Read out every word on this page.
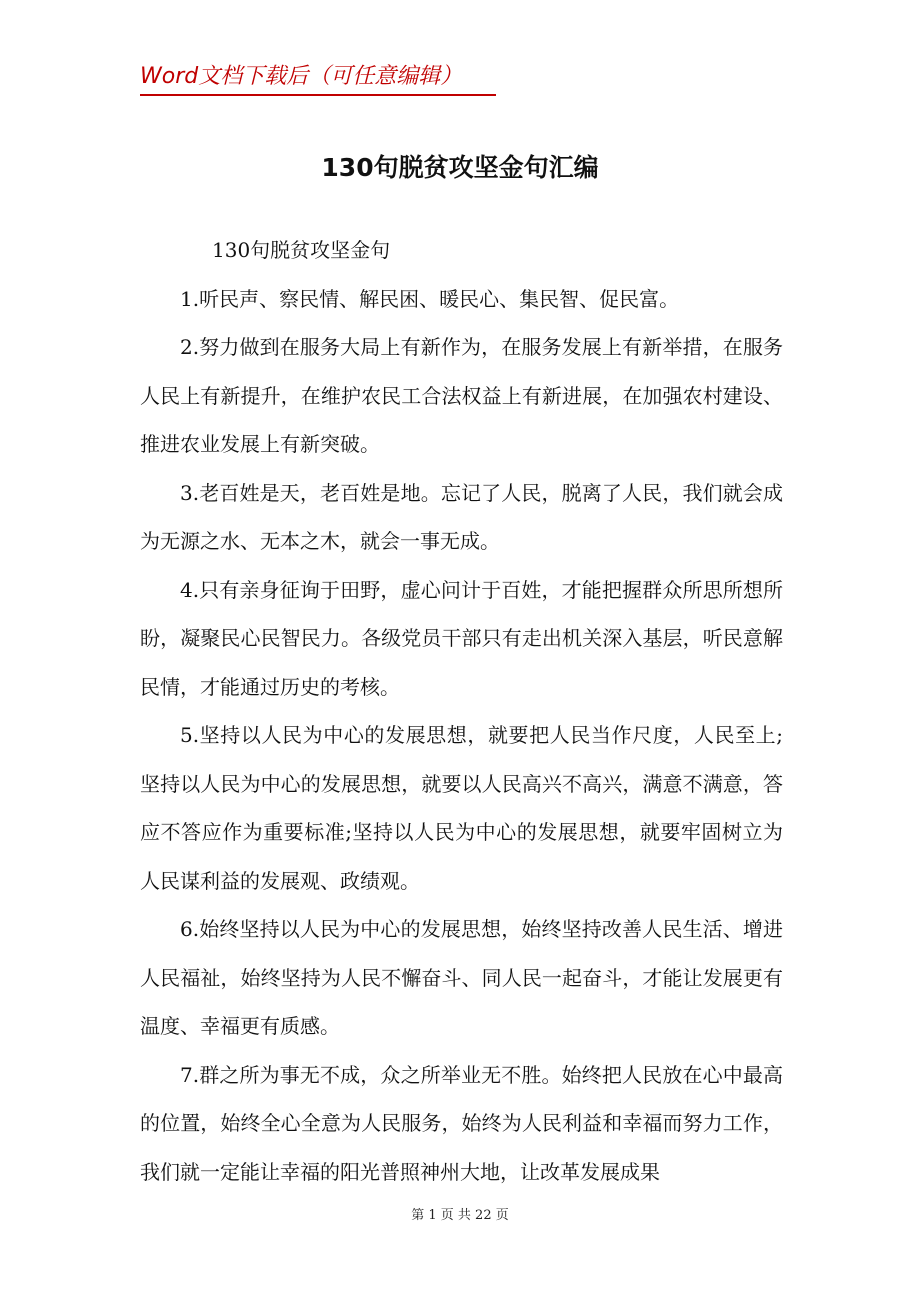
Word文档下载后（可任意编辑）
130句脱贫攻坚金句汇编

130句脱贫攻坚金句

1.听民声、察民情、解民困、暖民心、集民智、促民富。

2.努力做到在服务大局上有新作为，在服务发展上有新举措，在服务人民上有新提升，在维护农民工合法权益上有新进展，在加强农村建设、推进农业发展上有新突破。

3.老百姓是天，老百姓是地。忘记了人民，脱离了人民，我们就会成为无源之水、无本之木，就会一事无成。

4.只有亲身征询于田野，虚心问计于百姓，才能把握群众所思所想所盼，凝聚民心民智民力。各级党员干部只有走出机关深入基层，听民意解民情，才能通过历史的考核。

5.坚持以人民为中心的发展思想，就要把人民当作尺度，人民至上;坚持以人民为中心的发展思想，就要以人民高兴不高兴，满意不满意，答应不答应作为重要标准;坚持以人民为中心的发展思想，就要牢固树立为人民谋利益的发展观、政绩观。

6.始终坚持以人民为中心的发展思想，始终坚持改善人民生活、增进人民福祉，始终坚持为人民不懈奋斗、同人民一起奋斗，才能让发展更有温度、幸福更有质感。

7.群之所为事无不成，众之所举业无不胜。始终把人民放在心中最高的位置，始终全心全意为人民服务，始终为人民利益和幸福而努力工作，我们就一定能让幸福的阳光普照神州大地，让改革发展成果

第 1 页 共 22 页
